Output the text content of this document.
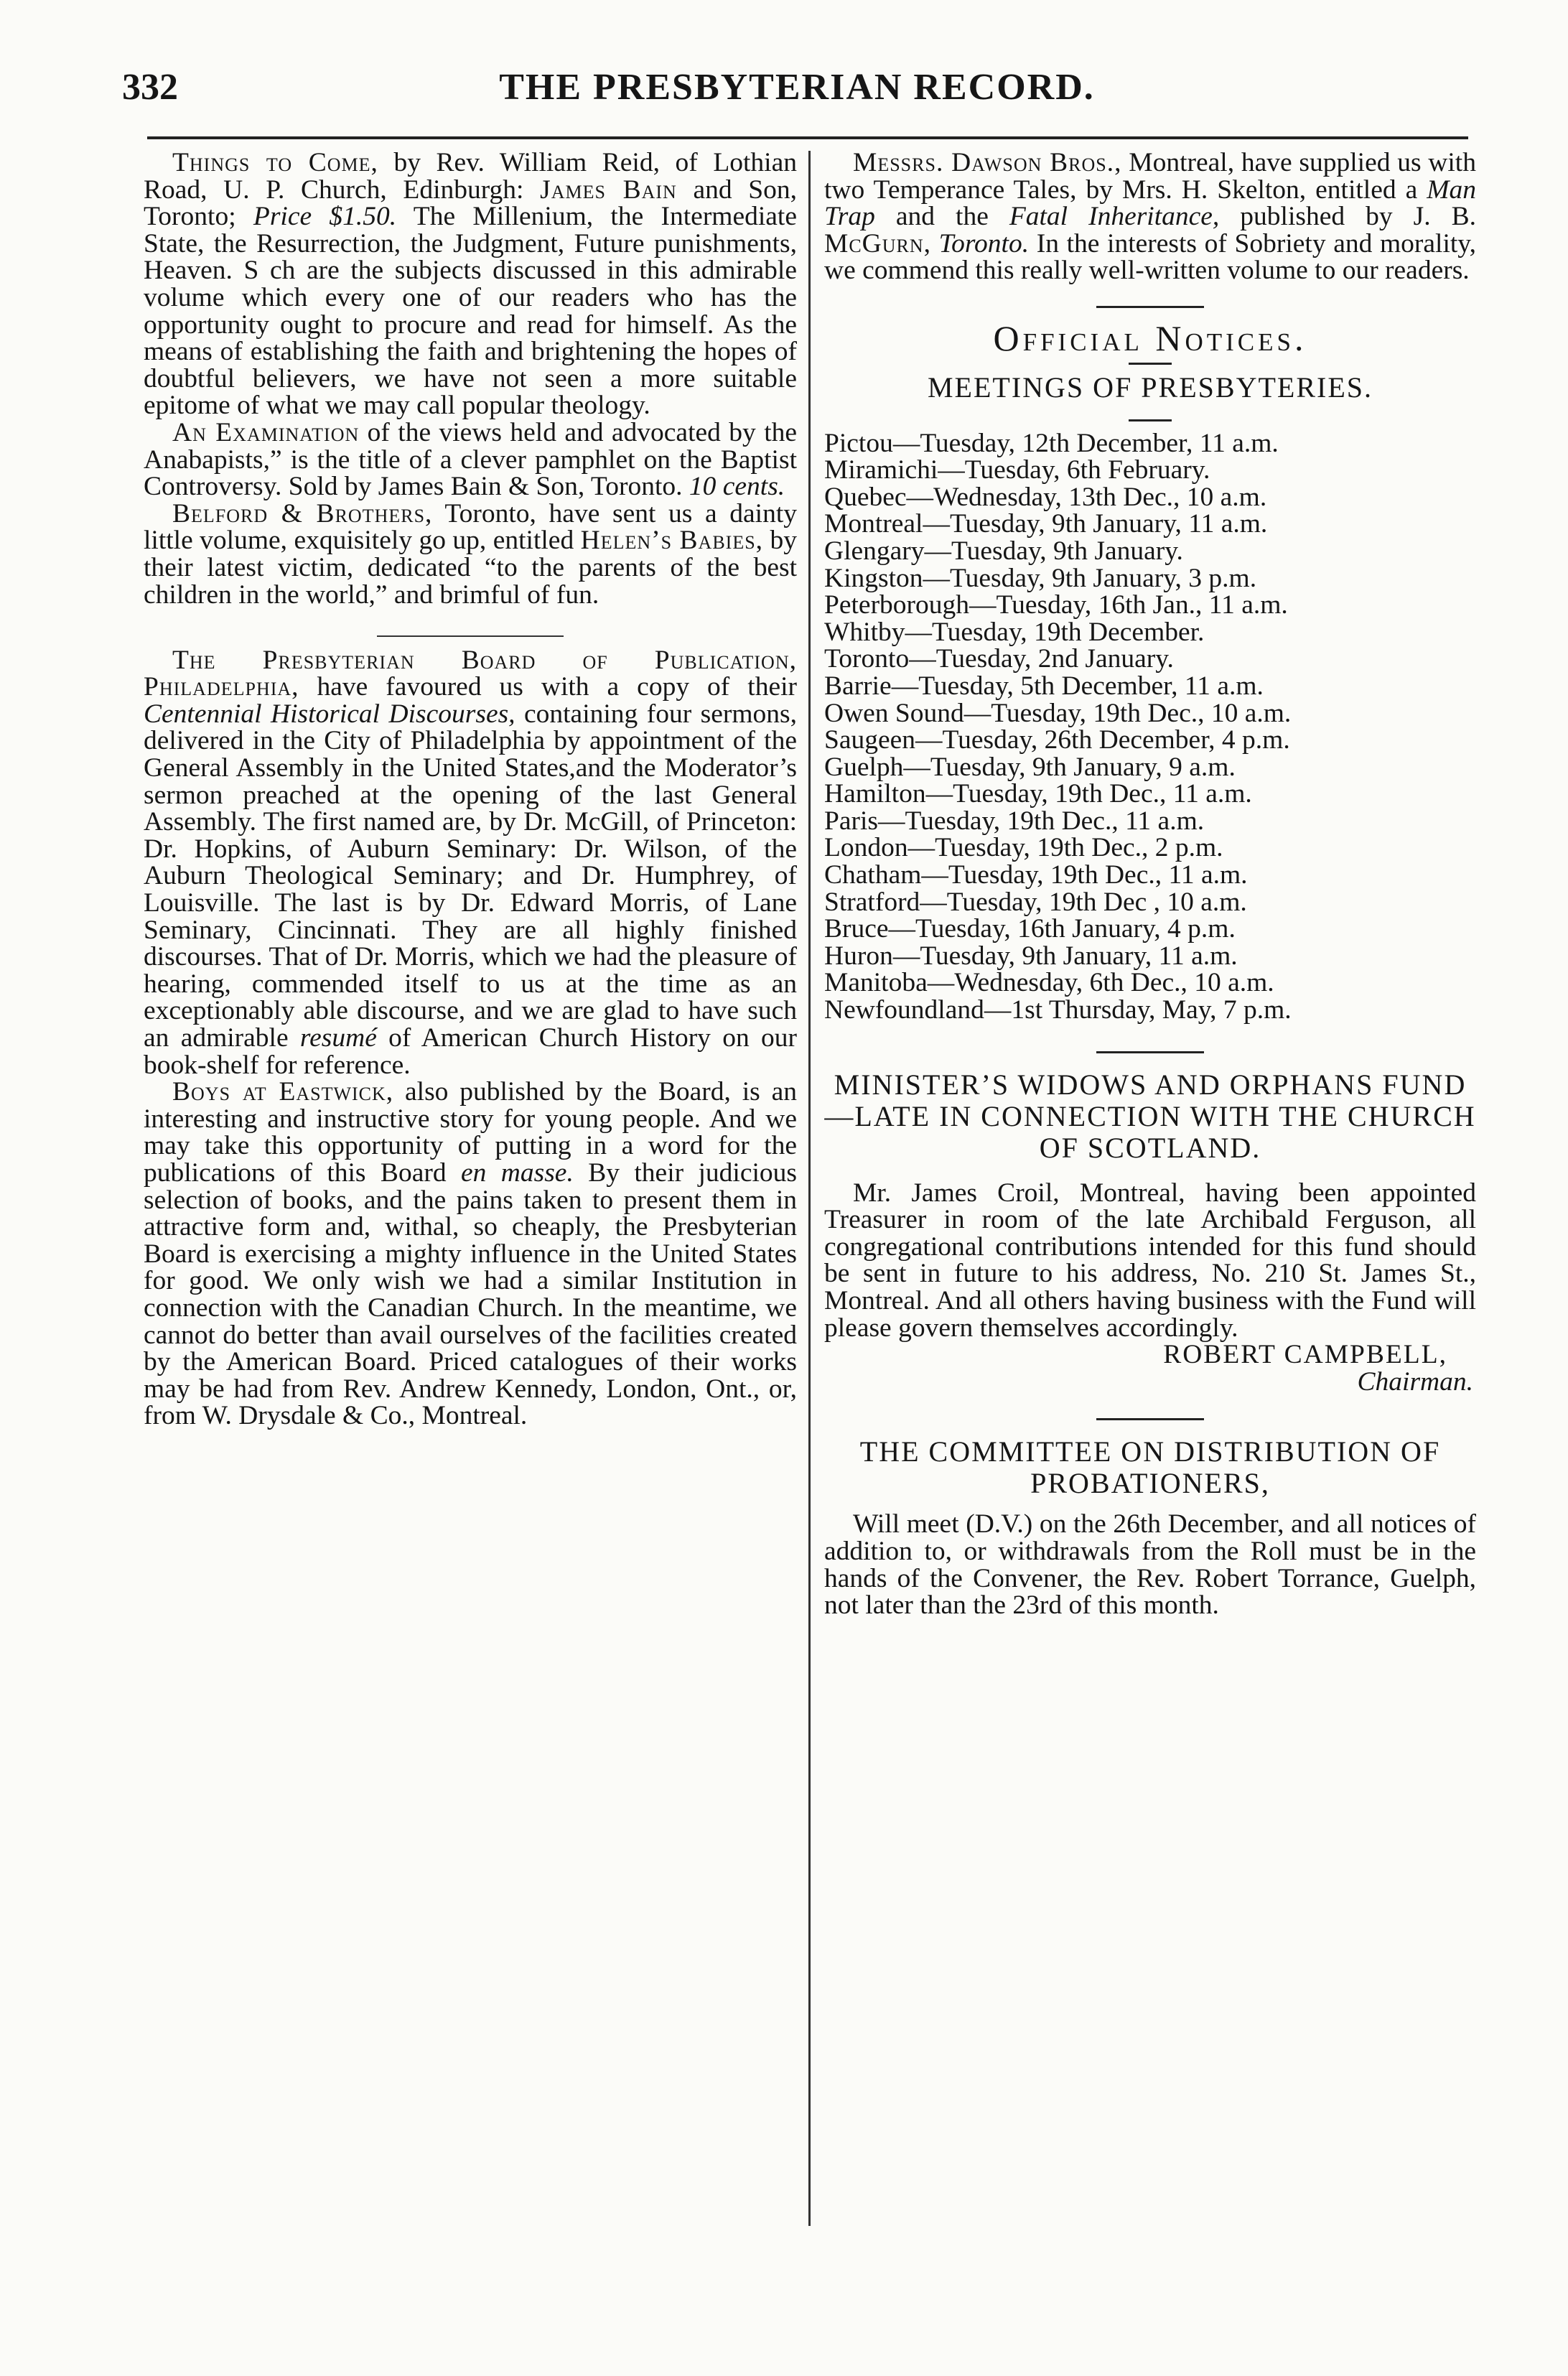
332	THE PRESBYTERIAN RECORD.

Things to Come, by Rev. William Reid, of Lothian Road, U. P. Church, Edinburgh: James Bain and Son, Toronto; Price $1.50. The Millenium, the Intermediate State, the Resurrection, the Judgment, Future punishments, Heaven. S ch are the subjects discussed in this admirable volume which every one of our readers who has the opportunity ought to procure and read for himself. As the means of establishing the faith and brightening the hopes of doubtful believers, we have not seen a more suitable epitome of what we may call popular theology.

An Examination of the views held and advocated by the Anabapists,” is the title of a clever pamphlet on the Baptist Controversy. Sold by James Bain & Son, Toronto. 10 cents.

Belford & Brothers, Toronto, have sent us a dainty little volume, exquisitely go up, entitled Helen’s Babies, by their latest victim, dedicated “to the parents of the best children in the world,” and brimful of fun.

The Presbyterian Board of Publication, Philadelphia, have favoured us with a copy of their Centennial Historical Discourses, containing four sermons, delivered in the City of Philadelphia by appointment of the General Assembly in the United States,and the Moderator’s sermon preached at the opening of the last General Assembly. The first named are, by Dr. McGill, of Princeton: Dr. Hopkins, of Auburn Seminary: Dr. Wilson, of the Auburn Theological Seminary; and Dr. Humphrey, of Louisville. The last is by Dr. Edward Morris, of Lane Seminary, Cincinnati. They are all highly finished discourses. That of Dr. Morris, which we had the pleasure of hearing, commended itself to us at the time as an exceptionably able discourse, and we are glad to have such an admirable resumé of American Church History on our book-shelf for reference.

Boys at Eastwick, also published by the Board, is an interesting and instructive story for young people. And we may take this opportunity of putting in a word for the publications of this Board en masse. By their judicious selection of books, and the pains taken to present them in attractive form and, withal, so cheaply, the Presbyterian Board is exercising a mighty influence in the United States for good. We only wish we had a similar Institution in connection with the Canadian Church. In the meantime, we cannot do better than avail ourselves of the facilities created by the American Board. Priced catalogues of their works may be had from Rev. Andrew Kennedy, London, Ont., or, from W. Drysdale & Co., Montreal.

Messrs. Dawson Bros., Montreal, have supplied us with two Temperance Tales, by Mrs. H. Skelton, entitled a Man Trap and the Fatal Inheritance, published by J. B. McGurn, Toronto. In the interests of Sobriety and morality, we commend this really well-written volume to our readers.

Official Notices.
MEETINGS OF PRESBYTERIES.
Pictou—Tuesday, 12th December, 11 a.m.
Miramichi—Tuesday, 6th February.
Quebec—Wednesday, 13th Dec., 10 a.m.
Montreal—Tuesday, 9th January, 11 a.m.
Glengary—Tuesday, 9th January.
Kingston—Tuesday, 9th January, 3 p.m.
Peterborough—Tuesday, 16th Jan., 11 a.m.
Whitby—Tuesday, 19th December.
Toronto—Tuesday, 2nd January.
Barrie—Tuesday, 5th December, 11 a.m.
Owen Sound—Tuesday, 19th Dec., 10 a.m.
Saugeen—Tuesday, 26th December, 4 p.m.
Guelph—Tuesday, 9th January, 9 a.m.
Hamilton—Tuesday, 19th Dec., 11 a.m.
Paris—Tuesday, 19th Dec., 11 a.m.
London—Tuesday, 19th Dec., 2 p.m.
Chatham—Tuesday, 19th Dec., 11 a.m.
Stratford—Tuesday, 19th Dec , 10 a.m.
Bruce—Tuesday, 16th January, 4 p.m.
Huron—Tuesday, 9th January, 11 a.m.
Manitoba—Wednesday, 6th Dec., 10 a.m.
Newfoundland—1st Thursday, May, 7 p.m.
MINISTER’S WIDOWS AND ORPHANS FUND—LATE IN CONNECTION WITH THE CHURCH OF SCOTLAND.

Mr. James Croil, Montreal, having been appointed Treasurer in room of the late Archibald Ferguson, all congregational contributions intended for this fund should be sent in future to his address, No. 210 St. James St., Montreal. And all others having business with the Fund will please govern themselves accordingly.

ROBERT CAMPBELL,
Chairman.
THE COMMITTEE ON DISTRIBUTION OF PROBATIONERS,

Will meet (D.V.) on the 26th December, and all notices of addition to, or withdrawals from the Roll must be in the hands of the Convener, the Rev. Robert Torrance, Guelph, not later than the 23rd of this month.
